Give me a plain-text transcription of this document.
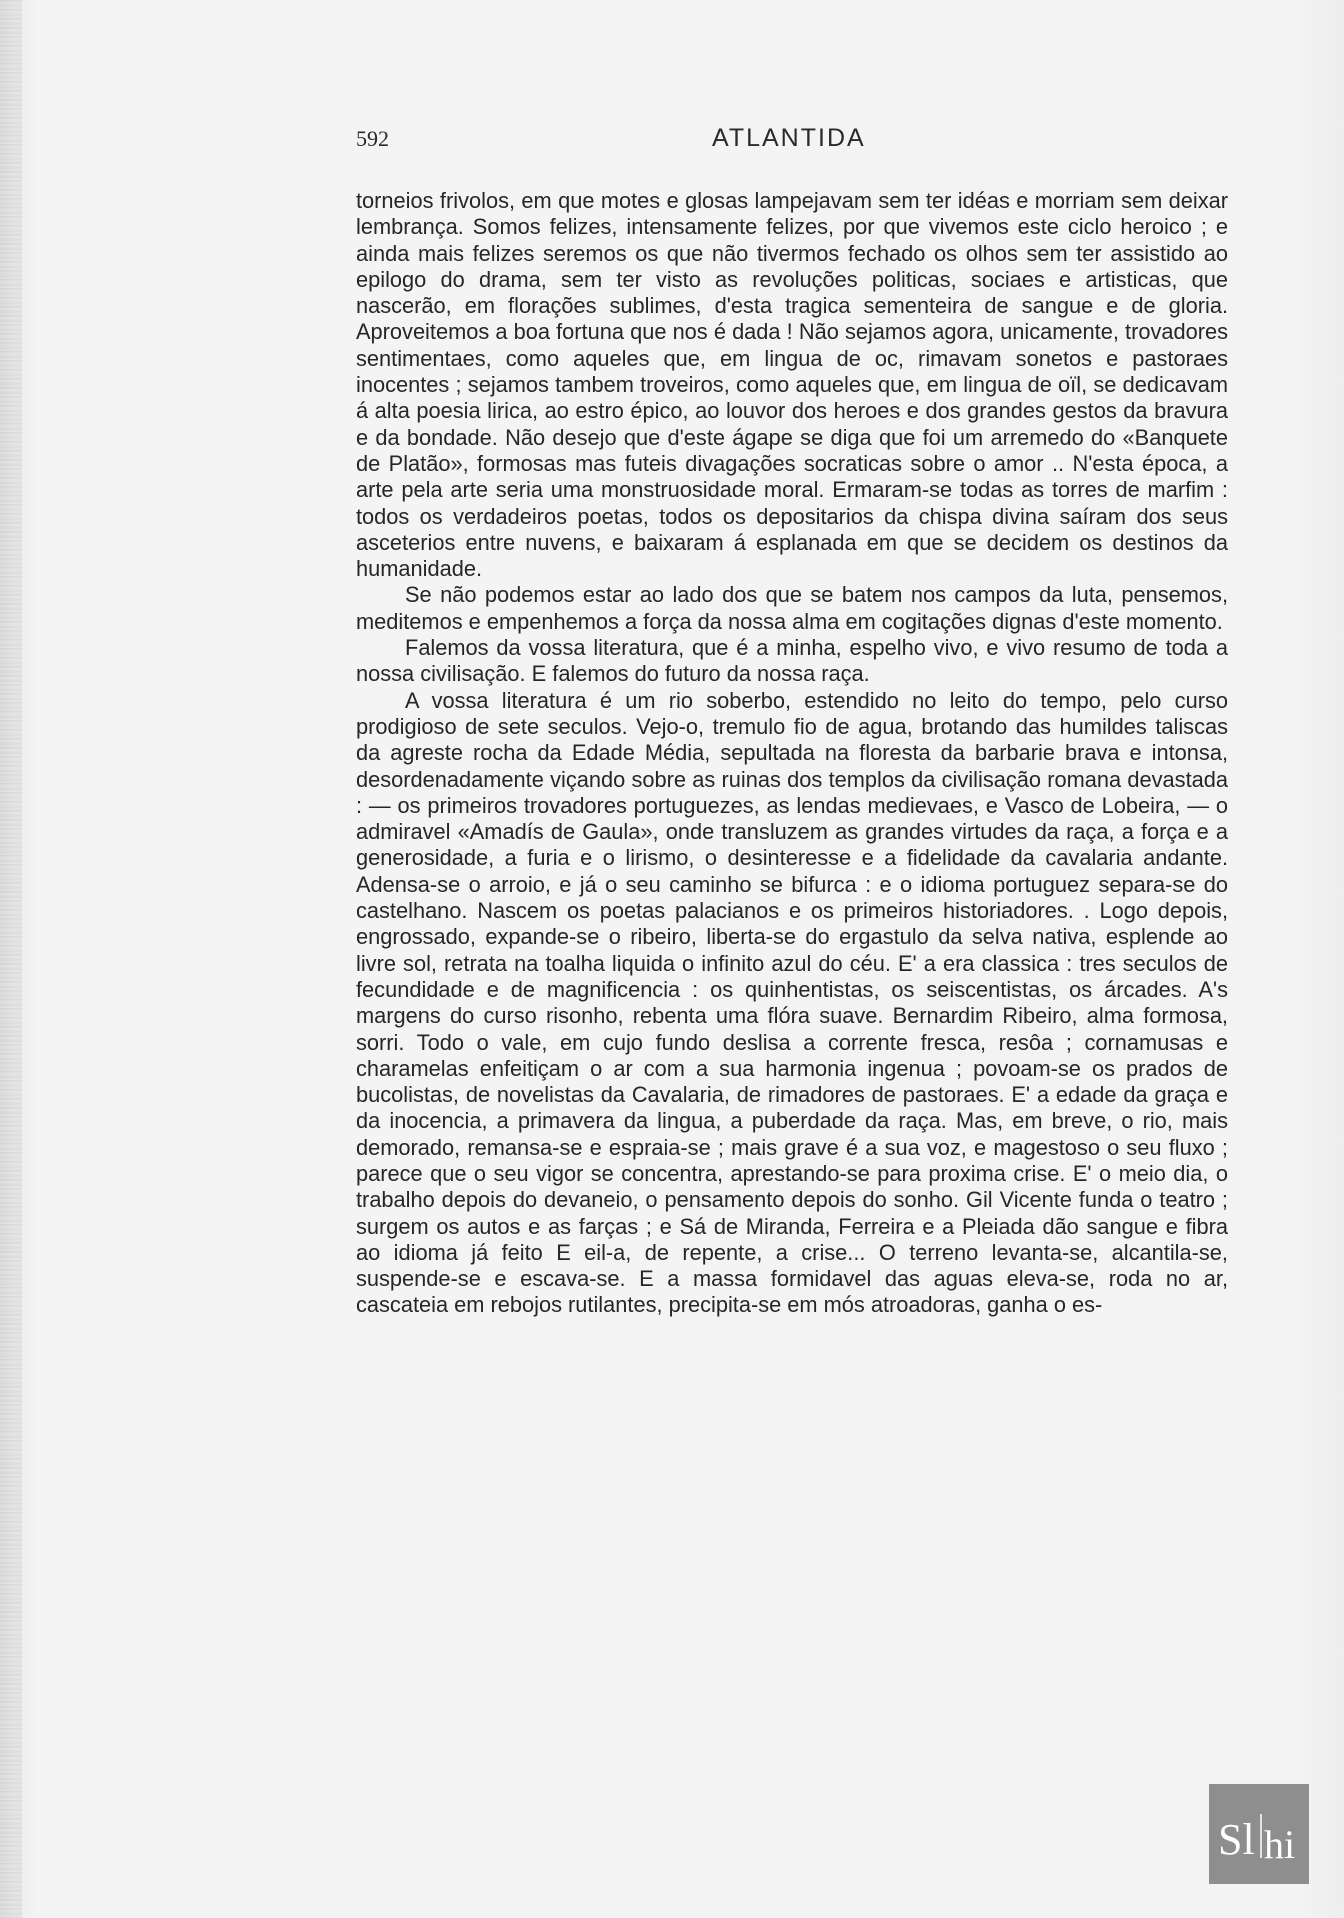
592	ATLANTIDA

torneios frivolos, em que motes e glosas lampejavam sem ter idéas e morriam sem deixar lembrança. Somos felizes, intensamente felizes, por que vivemos este ciclo heroico ; e ainda mais felizes seremos os que não tivermos fechado os olhos sem ter assistido ao epilogo do drama, sem ter visto as revoluções politicas, sociaes e artisticas, que nascerão, em florações sublimes, d'esta tragica sementeira de sangue e de gloria. Aproveitemos a boa fortuna que nos é dada ! Não sejamos agora, unicamente, trovadores sentimentaes, como aqueles que, em lingua de oc, rimavam sonetos e pastoraes inocentes ; sejamos tambem troveiros, como aqueles que, em lingua de oïl, se dedicavam á alta poesia lirica, ao estro épico, ao louvor dos heroes e dos grandes gestos da bravura e da bondade. Não desejo que d'este ágape se diga que foi um arremedo do «Banquete de Platão», formosas mas futeis divagações socraticas sobre o amor .. N'esta época, a arte pela arte seria uma monstruosidade moral. Ermaram-se todas as torres de marfim : todos os verdadeiros poetas, todos os depositarios da chispa divina saíram dos seus asceterios entre nuvens, e baixaram á esplanada em que se decidem os destinos da humanidade.

Se não podemos estar ao lado dos que se batem nos campos da luta, pensemos, meditemos e empenhemos a força da nossa alma em cogitações dignas d'este momento.

Falemos da vossa literatura, que é a minha, espelho vivo, e vivo resumo de toda a nossa civilisação. E falemos do futuro da nossa raça.

A vossa literatura é um rio soberbo, estendido no leito do tempo, pelo curso prodigioso de sete seculos. Vejo-o, tremulo fio de agua, brotando das humildes taliscas da agreste rocha da Edade Média, sepultada na floresta da barbarie brava e intonsa, desordenadamente viçando sobre as ruinas dos templos da civilisação romana devastada : — os primeiros trovadores portuguezes, as lendas medievaes, e Vasco de Lobeira, — o admiravel «Amadís de Gaula», onde transluzem as grandes virtudes da raça, a força e a generosidade, a furia e o lirismo, o desinteresse e a fidelidade da cavalaria andante. Adensa-se o arroio, e já o seu caminho se bifurca : e o idioma portuguez separa-se do castelhano. Nascem os poetas palacianos e os primeiros historiadores. . Logo depois, engrossado, expande-se o ribeiro, liberta-se do ergastulo da selva nativa, esplende ao livre sol, retrata na toalha liquida o infinito azul do céu. E' a era classica : tres seculos de fecundidade e de magnificencia : os quinhentistas, os seiscentistas, os árcades. A's margens do curso risonho, rebenta uma flóra suave. Bernardim Ribeiro, alma formosa, sorri. Todo o vale, em cujo fundo deslisa a corrente fresca, resôa ; cornamusas e charamelas enfeitiçam o ar com a sua harmonia ingenua ; povoam-se os prados de bucolistas, de novelistas da Cavalaria, de rimadores de pastoraes. E' a edade da graça e da inocencia, a primavera da lingua, a puberdade da raça. Mas, em breve, o rio, mais demorado, remansa-se e espraia-se ; mais grave é a sua voz, e magestoso o seu fluxo ; parece que o seu vigor se concentra, aprestando-se para proxima crise. E' o meio dia, o trabalho depois do devaneio, o pensamento depois do sonho. Gil Vicente funda o teatro ; surgem os autos e as farças ; e Sá de Miranda, Ferreira e a Pleiada dão sangue e fibra ao idioma já feito E eil-a, de repente, a crise... O terreno levanta-se, alcantila-se, suspende-se e escava-se. E a massa formidavel das aguas eleva-se, roda no ar, cascateia em rebojos rutilantes, precipita-se em mós atroadoras, ganha o es-

Sl hi
